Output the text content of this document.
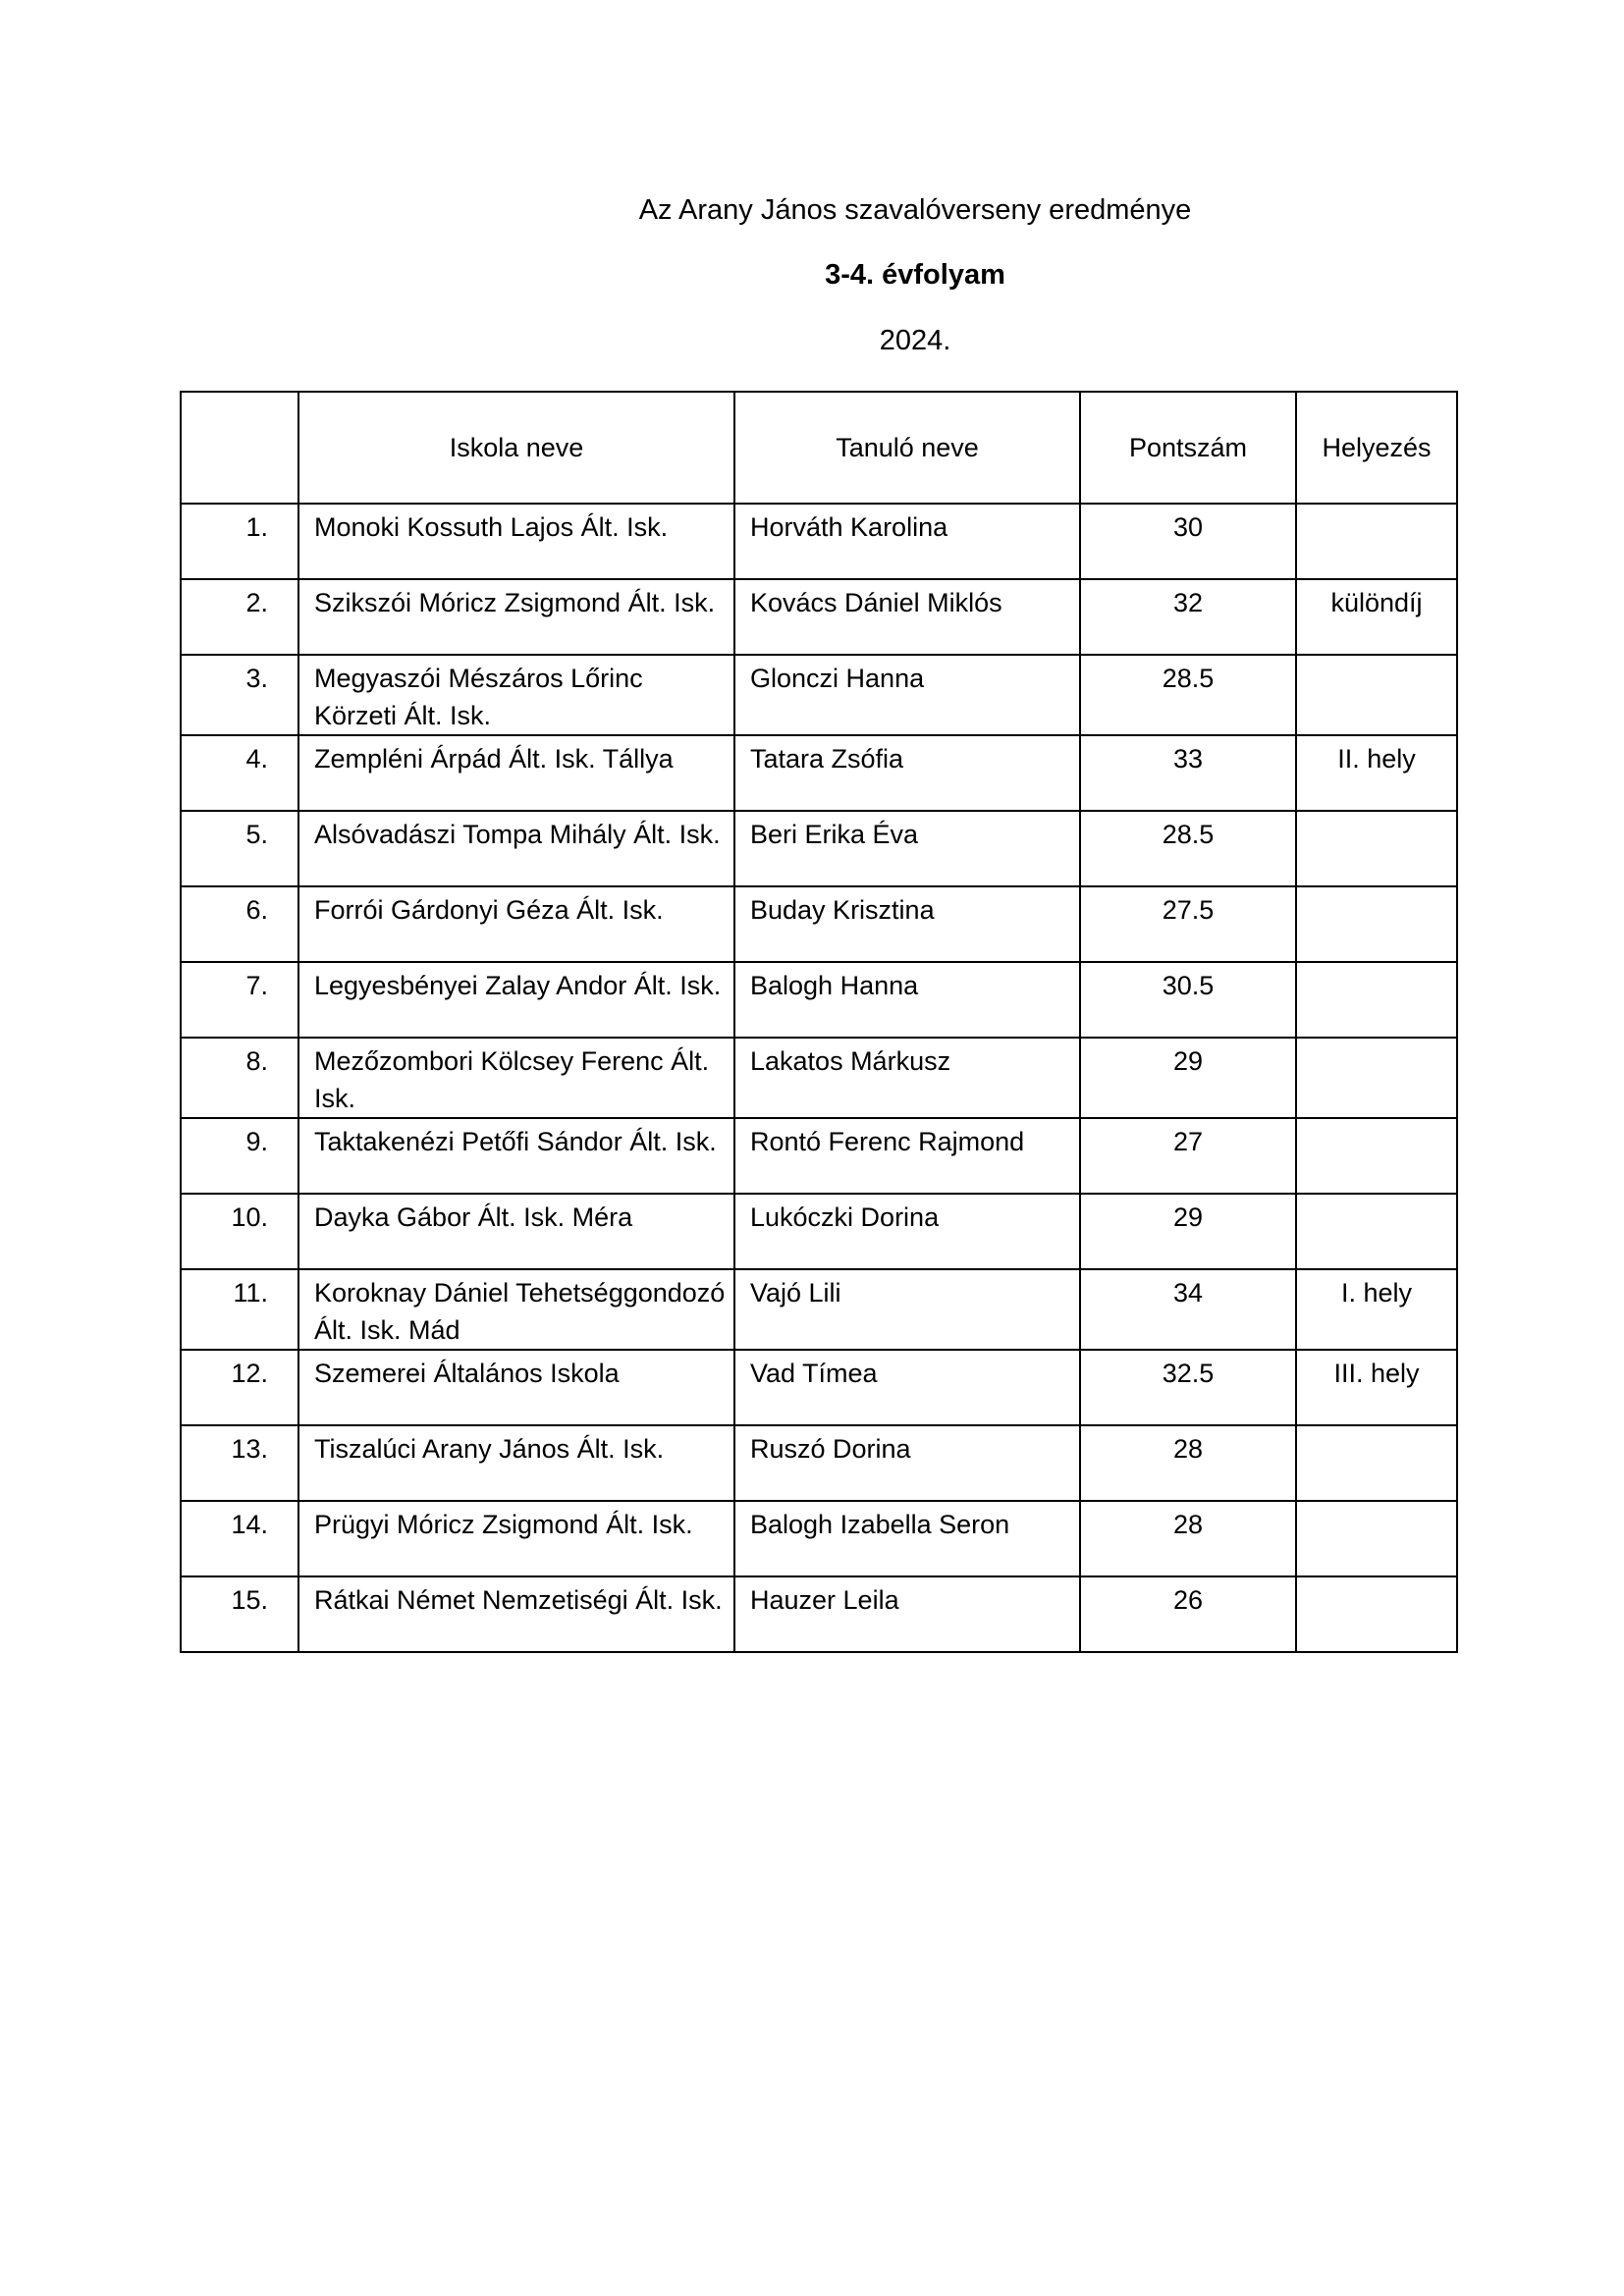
Az Arany János szavalóverseny eredménye

3-4. évfolyam

2024.

	Iskola neve	Tanuló neve	Pontszám	Helyezés
1.	Monoki Kossuth Lajos Ált. Isk.	Horváth Karolina	30	
2.	Szikszói Móricz Zsigmond Ált. Isk.	Kovács Dániel Miklós	32	különdíj
3.	Megyaszói Mészáros Lőrinc Körzeti Ált. Isk.	Glonczi Hanna	28.5	
4.	Zempléni Árpád Ált. Isk. Tállya	Tatara Zsófia	33	II. hely
5.	Alsóvadászi Tompa Mihály Ált. Isk.	Beri Erika Éva	28.5	
6.	Forrói Gárdonyi Géza Ált. Isk.	Buday Krisztina	27.5	
7.	Legyesbényei Zalay Andor Ált. Isk.	Balogh Hanna	30.5	
8.	Mezőzombori Kölcsey Ferenc Ált. Isk.	Lakatos Márkusz	29	
9.	Taktakenézi Petőfi Sándor Ált. Isk.	Rontó Ferenc Rajmond	27	
10.	Dayka Gábor Ált. Isk. Méra	Lukóczki Dorina	29	
11.	Koroknay Dániel Tehetséggondozó Ált. Isk. Mád	Vajó Lili	34	I. hely
12.	Szemerei Általános Iskola	Vad Tímea	32.5	III. hely
13.	Tiszalúci Arany János Ált. Isk.	Ruszó Dorina	28	
14.	Prügyi Móricz Zsigmond Ált. Isk.	Balogh Izabella Seron	28	
15.	Rátkai Német Nemzetiségi Ált. Isk.	Hauzer Leila	26	
